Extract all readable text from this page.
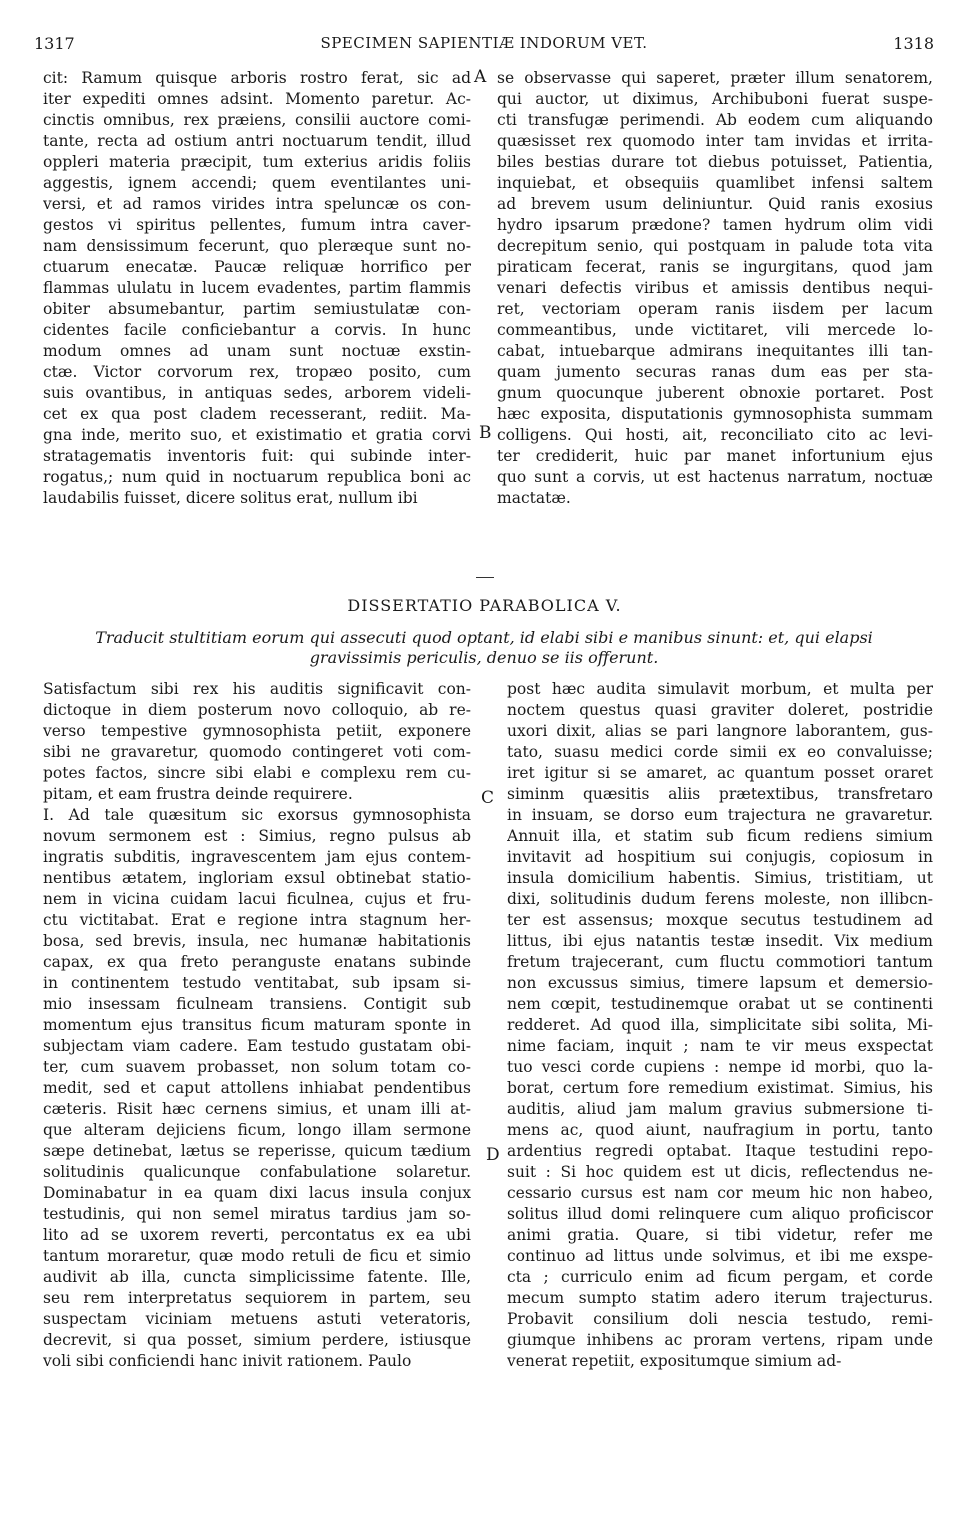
1317	SPECIMEN SAPIENTIÆ INDORUM VET.	1318
cit: Ramum quisque arboris rostro ferat, sic ad
iter expediti omnes adsint. Momento paretur. Ac-
cinctis omnibus, rex præiens, consilii auctore comi-
tante, recta ad ostium antri noctuarum tendit, illud
oppleri materia præcipit, tum exterius aridis foliis
aggestis, ignem accendi; quem eventilantes uni-
versi, et ad ramos virides intra speluncæ os con-
gestos vi spiritus pellentes, fumum intra caver-
nam densissimum fecerunt, quo pleræque sunt no-
ctuarum enecatæ. Paucæ reliquæ horrifico per
flammas ululatu in lucem evadentes, partim flammis
obiter absumebantur, partim semiustulatæ con-
cidentes facile conficiebantur a corvis. In hunc
modum omnes ad unam sunt noctuæ exstin-
ctæ. Victor corvorum rex, tropæo posito, cum
suis ovantibus, in antiquas sedes, arborem videli-
cet ex qua post cladem recesserant, rediit. Ma-
gna inde, merito suo, et existimatio et gratia corvi
stratagematis inventoris fuit: qui subinde inter-
rogatus,; num quid in noctuarum republica boni ac
laudabilis fuisset, dicere solitus erat, nullum ibi
se observasse qui saperet, præter illum senatorem,
qui auctor, ut diximus, Archibuboni fuerat suspe-
cti transfugæ perimendi. Ab eodem cum aliquando
quæsisset rex quomodo inter tam invidas et irrita-
biles bestias durare tot diebus potuisset, Patientia,
inquiebat, et obsequiis quamlibet infensi saltem
ad brevem usum deliniuntur. Quid ranis exosius
hydro ipsarum prædone? tamen hydrum olim vidi
decrepitum senio, qui postquam in palude tota vita
piraticam fecerat, ranis se ingurgitans, quod jam
venari defectis viribus et amissis dentibus nequi-
ret, vectoriam operam ranis iisdem per lacum
commeantibus, unde victitaret, vili mercede lo-
cabat, intuebarque admirans inequitantes illi tan-
quam jumento securas ranas dum eas per sta-
gnum quocunque juberent obnoxie portaret. Post
hæc exposita, disputationis gymnosophista summam
colligens. Qui hosti, ait, reconciliato cito ac levi-
ter crediderit, huic par manet infortunium ejus
quo sunt a corvis, ut est hactenus narratum, noctuæ
mactatæ.
A
B
DISSERTATIO PARABOLICA V.
Traducit stultitiam eorum qui assecuti quod optant, id elabi sibi e manibus sinunt: et, qui elapsi
gravissimis periculis, denuo se iis offerunt.
Satisfactum sibi rex his auditis significavit con-
dictoque in diem posterum novo colloquio, ab re-
verso tempestive gymnosophista petiit, exponere
sibi ne gravaretur, quomodo contingeret voti com-
potes factos, sincre sibi elabi e complexu rem cu-
pitam, et eam frustra deinde requirere.
I. Ad tale quæsitum sic exorsus gymnosophista
novum sermonem est : Simius, regno pulsus ab
ingratis subditis, ingravescentem jam ejus contem-
nentibus ætatem, ingloriam exsul obtinebat statio-
nem in vicina cuidam lacui ficulnea, cujus et fru-
ctu victitabat. Erat e regione intra stagnum her-
bosa, sed brevis, insula, nec humanæ habitationis
capax, ex qua freto peranguste enatans subinde
in continentem testudo ventitabat, sub ipsam si-
mio insessam ficulneam transiens. Contigit sub
momentum ejus transitus ficum maturam sponte in
subjectam viam cadere. Eam testudo gustatam obi-
ter, cum suavem probasset, non solum totam co-
medit, sed et caput attollens inhiabat pendentibus
cæteris. Risit hæc cernens simius, et unam illi at-
que alteram dejiciens ficum, longo illam sermone
sæpe detinebat, lætus se reperisse, quicum tædium
solitudinis qualicunque confabulatione solaretur.
Dominabatur in ea quam dixi lacus insula conjux
testudinis, qui non semel miratus tardius jam so-
lito ad se uxorem reverti, percontatus ex ea ubi
tantum moraretur, quæ modo retuli de ficu et simio
audivit ab illa, cuncta simplicissime fatente. Ille,
seu rem interpretatus sequiorem in partem, seu
suspectam viciniam metuens astuti veteratoris,
decrevit, si qua posset, simium perdere, istiusque
voli sibi conficiendi hanc inivit rationem. Paulo
post hæc audita simulavit morbum, et multa per
noctem questus quasi graviter doleret, postridie
uxori dixit, alias se pari langnore laborantem, gus-
tato, suasu medici corde simii ex eo convaluisse;
iret igitur si se amaret, ac quantum posset oraret
siminm quæsitis aliis prætextibus, transfretaro
in insuam, se dorso eum trajectura ne gravaretur.
Annuit illa, et statim sub ficum rediens simium
invitavit ad hospitium sui conjugis, copiosum in
insula domicilium habentis. Simius, tristitiam, ut
dixi, solitudinis dudum ferens moleste, non illibcn-
ter est assensus; moxque secutus testudinem ad
littus, ibi ejus natantis testæ insedit. Vix medium
fretum trajecerant, cum fluctu commotiori tantum
non excussus simius, timere lapsum et demersio-
nem cœpit, testudinemque orabat ut se continenti
redderet. Ad quod illa, simplicitate sibi solita, Mi-
nime faciam, inquit ; nam te vir meus exspectat
tuo vesci corde cupiens : nempe id morbi, quo la-
borat, certum fore remedium existimat. Simius, his
auditis, aliud jam malum gravius submersione ti-
mens ac, quod aiunt, naufragium in portu, tanto
ardentius regredi optabat. Itaque testudini repo-
suit : Si hoc quidem est ut dicis, reflectendus ne-
cessario cursus est nam cor meum hic non habeo,
solitus illud domi relinquere cum aliquo proficiscor
animi gratia. Quare, si tibi videtur, refer me
continuo ad littus unde solvimus, et ibi me exspe-
cta ; curriculo enim ad ficum pergam, et corde
mecum sumpto statim adero iterum trajecturus.
Probavit consilium doli nescia testudo, remi-
giumque inhibens ac proram vertens, ripam unde
venerat repetiit, expositumque simium ad-
C
D
